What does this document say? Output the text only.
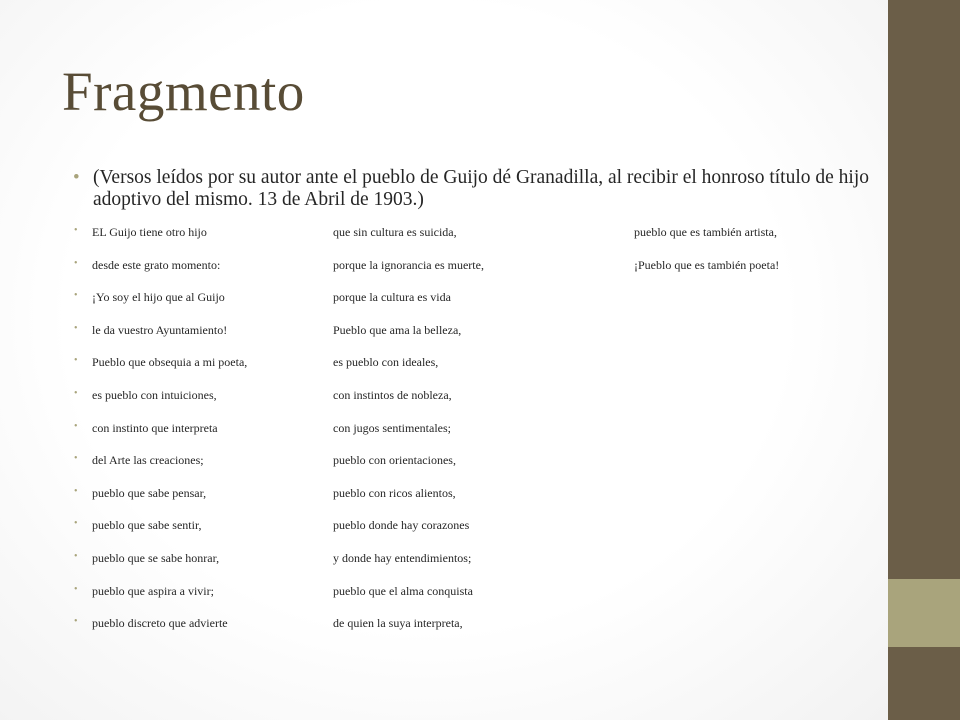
Fragmento
• (Versos leídos por su autor ante el pueblo de Guijo dé Granadilla, al recibir el honroso título de hijo adoptivo del mismo. 13 de Abril de 1903.)
• EL Guijo tiene otro hijo	que sin cultura es suicida,	pueblo que es también artista,
• desde este grato momento:	porque la ignorancia es muerte,	¡Pueblo que es también poeta!
• ¡Yo soy el hijo que al Guijo	porque la cultura es vida
• le da vuestro Ayuntamiento!	Pueblo que ama la belleza,
• Pueblo que obsequia a mi poeta,	es pueblo con ideales,
• es pueblo con intuiciones,	con instintos de nobleza,
• con instinto que interpreta	con jugos sentimentales;
• del Arte las creaciones;	pueblo con orientaciones,
• pueblo que sabe pensar,	pueblo con ricos alientos,
• pueblo que sabe sentir,	pueblo donde hay corazones
• pueblo que se sabe honrar,	y donde hay entendimientos;
• pueblo que aspira a vivir;	pueblo que el alma conquista
• pueblo discreto que advierte	de quien la suya interpreta,
